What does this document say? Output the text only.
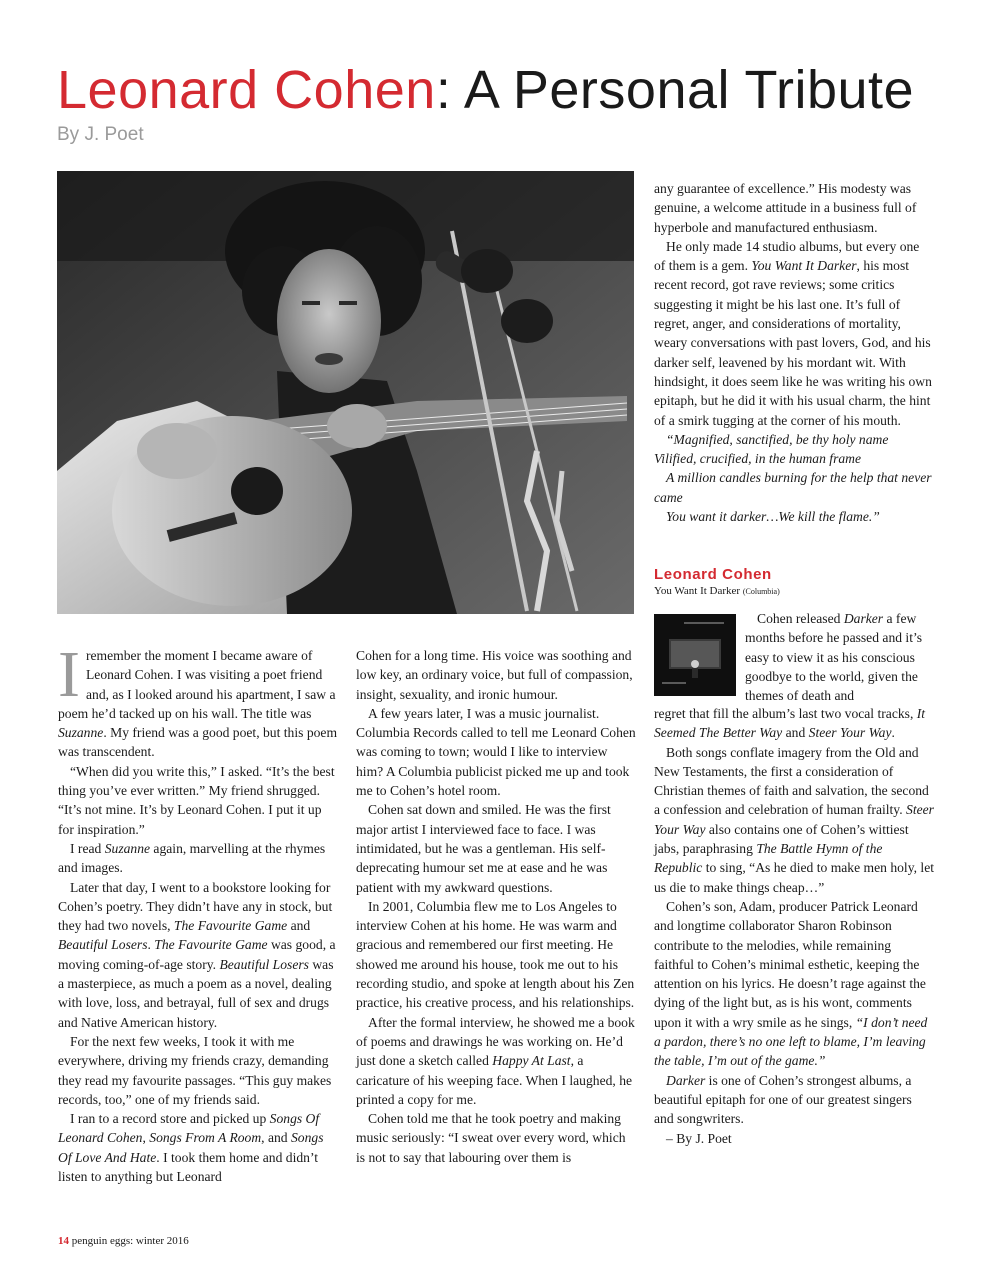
Leonard Cohen: A Personal Tribute
By J. Poet

Iremember the moment I became aware of Leonard Cohen. I was visiting a poet friend and, as I looked around his apartment, I saw a poem he’d tacked up on his wall. The title was Suzanne. My friend was a good poet, but this poem was transcendent.

“When did you write this,” I asked. “It’s the best thing you’ve ever written.” My friend shrugged. “It’s not mine. It’s by Leonard Cohen. I put it up for inspiration.”

I read Suzanne again, marvelling at the rhymes and images.

Later that day, I went to a bookstore looking for Cohen’s poetry. They didn’t have any in stock, but they had two novels, The Favourite Game and Beautiful Losers. The Favourite Game was good, a moving coming-of-age story. Beautiful Losers was a masterpiece, as much a poem as a novel, dealing with love, loss, and betrayal, full of sex and drugs and Native American history.

For the next few weeks, I took it with me everywhere, driving my friends crazy, demanding they read my favourite passages. “This guy makes records, too,” one of my friends said.

I ran to a record store and picked up Songs Of Leonard Cohen, Songs From A Room, and Songs Of Love And Hate. I took them home and didn’t listen to anything but Leonard

Cohen for a long time. His voice was soothing and low key, an ordinary voice, but full of compassion, insight, sexuality, and ironic humour.

A few years later, I was a music journalist. Columbia Records called to tell me Leonard Cohen was coming to town; would I like to interview him? A Columbia publicist picked me up and took me to Cohen’s hotel room.

Cohen sat down and smiled. He was the first major artist I interviewed face to face. I was intimidated, but he was a gentleman. His self-deprecating humour set me at ease and he was patient with my awkward questions.

In 2001, Columbia flew me to Los Angeles to interview Cohen at his home. He was warm and gracious and remembered our first meeting. He showed me around his house, took me out to his recording studio, and spoke at length about his Zen practice, his creative process, and his relationships.

After the formal interview, he showed me a book of poems and drawings he was working on. He’d just done a sketch called Happy At Last, a caricature of his weeping face. When I laughed, he printed a copy for me.

Cohen told me that he took poetry and making music seriously: “I sweat over every word, which is not to say that labouring over them is

any guarantee of excellence.” His modesty was genuine, a welcome attitude in a business full of hyperbole and manufactured enthusiasm.

He only made 14 studio albums, but every one of them is a gem. You Want It Darker, his most recent record, got rave reviews; some critics suggesting it might be his last one. It’s full of regret, anger, and considerations of mortality, weary conversations with past lovers, God, and his darker self, leavened by his mordant wit. With hindsight, it does seem like he was writing his own epitaph, but he did it with his usual charm, the hint of a smirk tugging at the corner of his mouth.

“Magnified, sanctified, be thy holy name

Vilified, crucified, in the human frame

A million candles burning for the help that never came

You want it darker…We kill the flame.”

Leonard Cohen
You Want It Darker (Columbia)

Cohen released Darker a few months before he passed and it’s easy to view it as his conscious goodbye to the world, given the themes of death and

regret that fill the album’s last two vocal tracks, It Seemed The Better Way and Steer Your Way.

Both songs conflate imagery from the Old and New Testaments, the first a consideration of Christian themes of faith and salvation, the second a confession and celebration of human frailty. Steer Your Way also contains one of Cohen’s wittiest jabs, paraphrasing The Battle Hymn of the Republic to sing, “As he died to make men holy, let us die to make things cheap…”

Cohen’s son, Adam, producer Patrick Leonard and longtime collaborator Sharon Robinson contribute to the melodies, while remaining faithful to Cohen’s minimal esthetic, keeping the attention on his lyrics. He doesn’t rage against the dying of the light but, as is his wont, comments upon it with a wry smile as he sings, “I don’t need a pardon, there’s no one left to blame, I’m leaving the table, I’m out of the game.”

Darker is one of Cohen’s strongest albums, a beautiful epitaph for one of our greatest singers and songwriters.

– By J. Poet

14 penguin eggs: winter 2016
